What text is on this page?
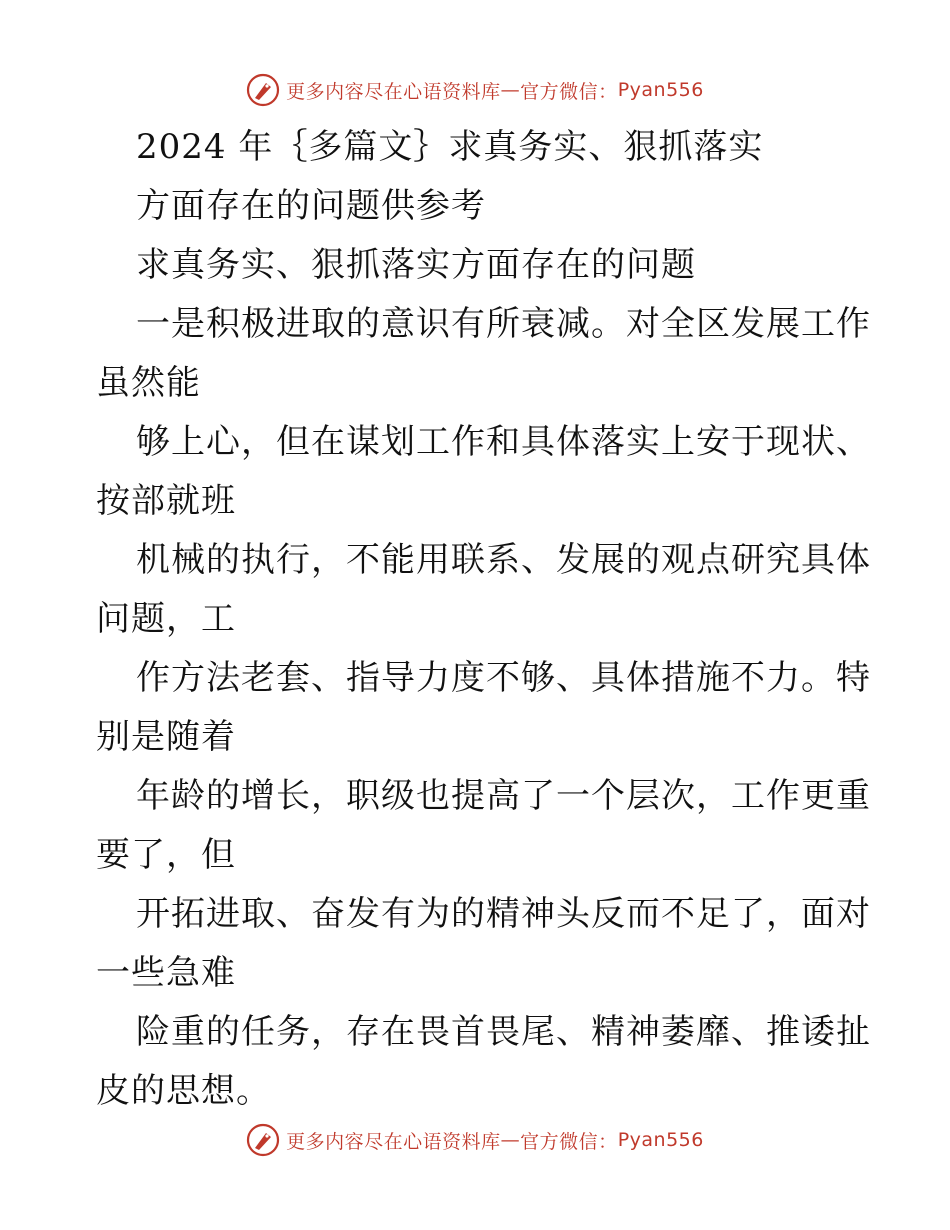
更多内容尽在心语资料库 — 官方微信： Pyan556
2024 年｛多篇文｝求真务实、狠抓落实
方面存在的问题供参考
求真务实、狠抓落实方面存在的问题
一是积极进取的意识有所衰减。对全区发展工作
虽然能
够上心，但在谋划工作和具体落实上安于现状、
按部就班
机械的执行，不能用联系、发展的观点研究具体
问题，工
作方法老套、指导力度不够、具体措施不力。特
别是随着
年龄的增长，职级也提高了一个层次，工作更重
要了，但
开拓进取、奋发有为的精神头反而不足了，面对
一些急难
险重的任务，存在畏首畏尾、精神萎靡、推诿扯
皮的思想。
更多内容尽在心语资料库 — 官方微信： Pyan556
